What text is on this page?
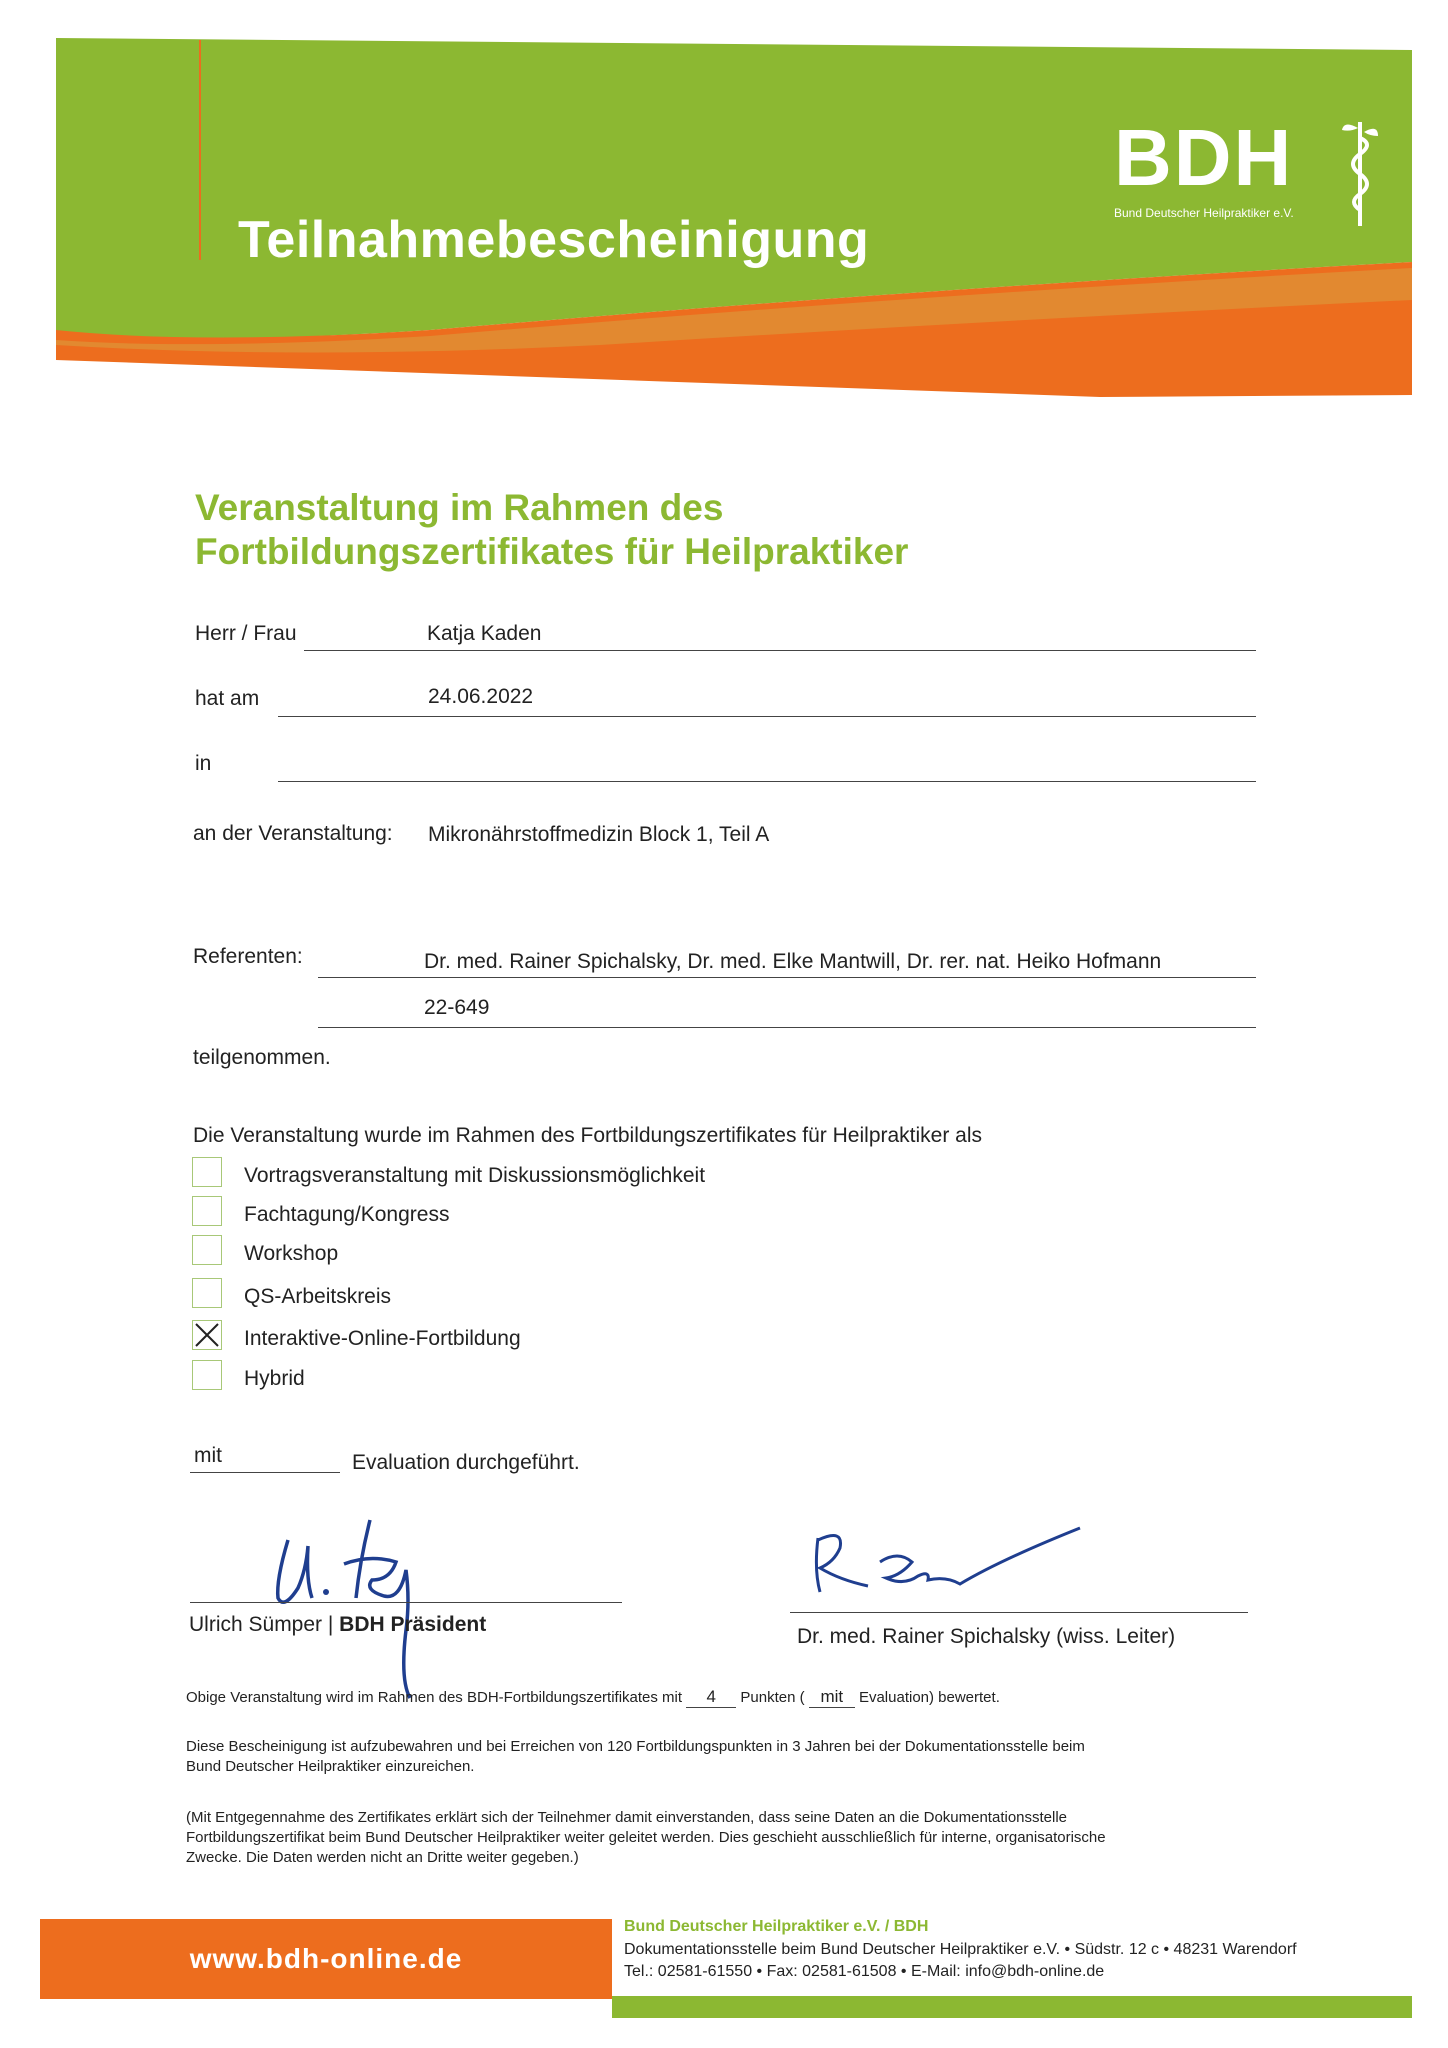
Teilnahmebescheinigung
BDH
Bund Deutscher Heilpraktiker e.V.
Veranstaltung im Rahmen des
Fortbildungszertifikates für Heilpraktiker
Herr / Frau	Katja Kaden
hat am	24.06.2022
in
an der Veranstaltung: Mikronährstoffmedizin Block 1, Teil A
Referenten:	Dr. med. Rainer Spichalsky, Dr. med. Elke Mantwill, Dr. rer. nat. Heiko Hofmann
22-649
teilgenommen.
Die Veranstaltung wurde im Rahmen des Fortbildungszertifikates für Heilpraktiker als
Vortragsveranstaltung mit Diskussionsmöglichkeit
Fachtagung/Kongress
Workshop
QS-Arbeitskreis
Interaktive-Online-Fortbildung
Hybrid
mit	Evaluation durchgeführt.
Ulrich Sümper | BDH Präsident
Dr. med. Rainer Spichalsky (wiss. Leiter)
Obige Veranstaltung wird im Rahmen des BDH-Fortbildungszertifikates mit 4 Punkten ( mit Evaluation) bewertet.
Diese Bescheinigung ist aufzubewahren und bei Erreichen von 120 Fortbildungspunkten in 3 Jahren bei der Dokumentationsstelle beim
Bund Deutscher Heilpraktiker einzureichen.
(Mit Entgegennahme des Zertifikates erklärt sich der Teilnehmer damit einverstanden, dass seine Daten an die Dokumentationsstelle
Fortbildungszertifikat beim Bund Deutscher Heilpraktiker weiter geleitet werden. Dies geschieht ausschließlich für interne, organisatorische
Zwecke. Die Daten werden nicht an Dritte weiter gegeben.)
www.bdh-online.de
Bund Deutscher Heilpraktiker e.V. / BDH
Dokumentationsstelle beim Bund Deutscher Heilpraktiker e.V. • Südstr. 12 c • 48231 Warendorf
Tel.: 02581-61550 • Fax: 02581-61508 • E-Mail: info@bdh-online.de
